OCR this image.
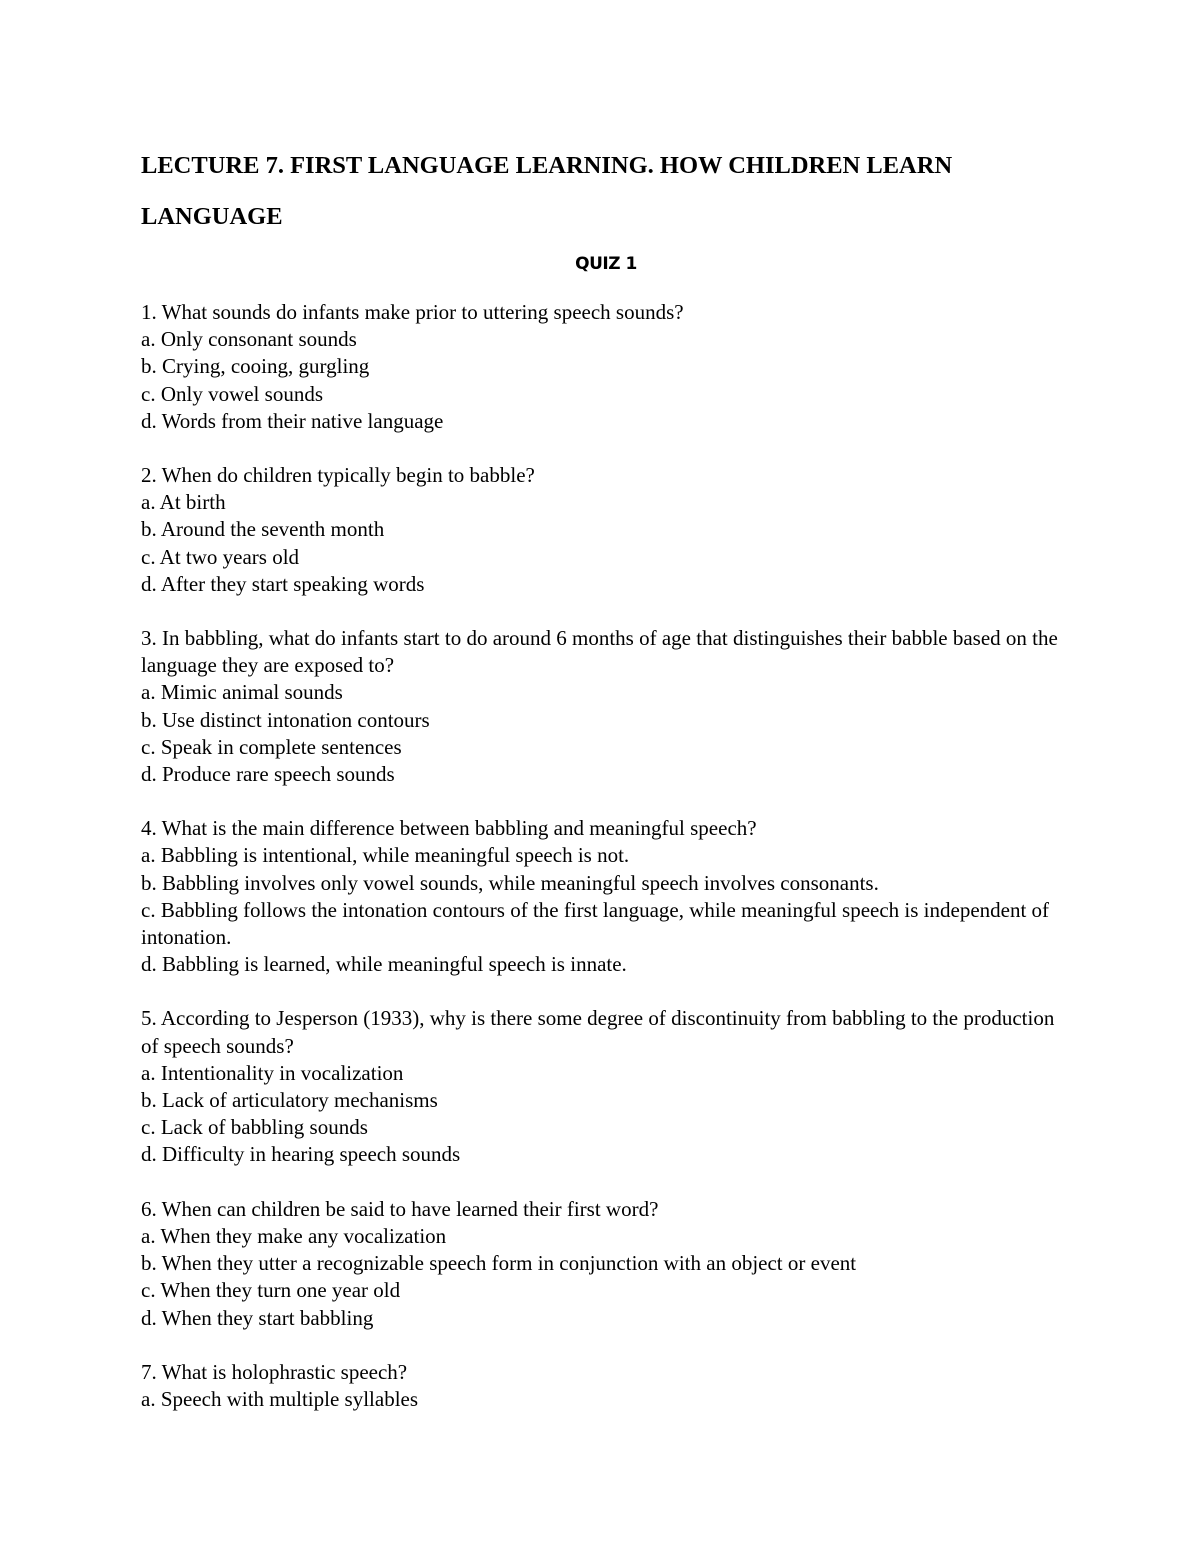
LECTURE 7. FIRST LANGUAGE LEARNING. HOW CHILDREN LEARN LANGUAGE
QUIZ 1

1. What sounds do infants make prior to uttering speech sounds?

a. Only consonant sounds

b. Crying, cooing, gurgling

c. Only vowel sounds

d. Words from their native language

2. When do children typically begin to babble?

a. At birth

b. Around the seventh month

c. At two years old

d. After they start speaking words

3. In babbling, what do infants start to do around 6 months of age that distinguishes their babble based on the language they are exposed to?

a. Mimic animal sounds

b. Use distinct intonation contours

c. Speak in complete sentences

d. Produce rare speech sounds

4. What is the main difference between babbling and meaningful speech?

a. Babbling is intentional, while meaningful speech is not.

b. Babbling involves only vowel sounds, while meaningful speech involves consonants.

c. Babbling follows the intonation contours of the first language, while meaningful speech is independent of intonation.

d. Babbling is learned, while meaningful speech is innate.

5. According to Jesperson (1933), why is there some degree of discontinuity from babbling to the production of speech sounds?

a. Intentionality in vocalization

b. Lack of articulatory mechanisms

c. Lack of babbling sounds

d. Difficulty in hearing speech sounds

6. When can children be said to have learned their first word?

a. When they make any vocalization

b. When they utter a recognizable speech form in conjunction with an object or event

c. When they turn one year old

d. When they start babbling

7. What is holophrastic speech?

a. Speech with multiple syllables
